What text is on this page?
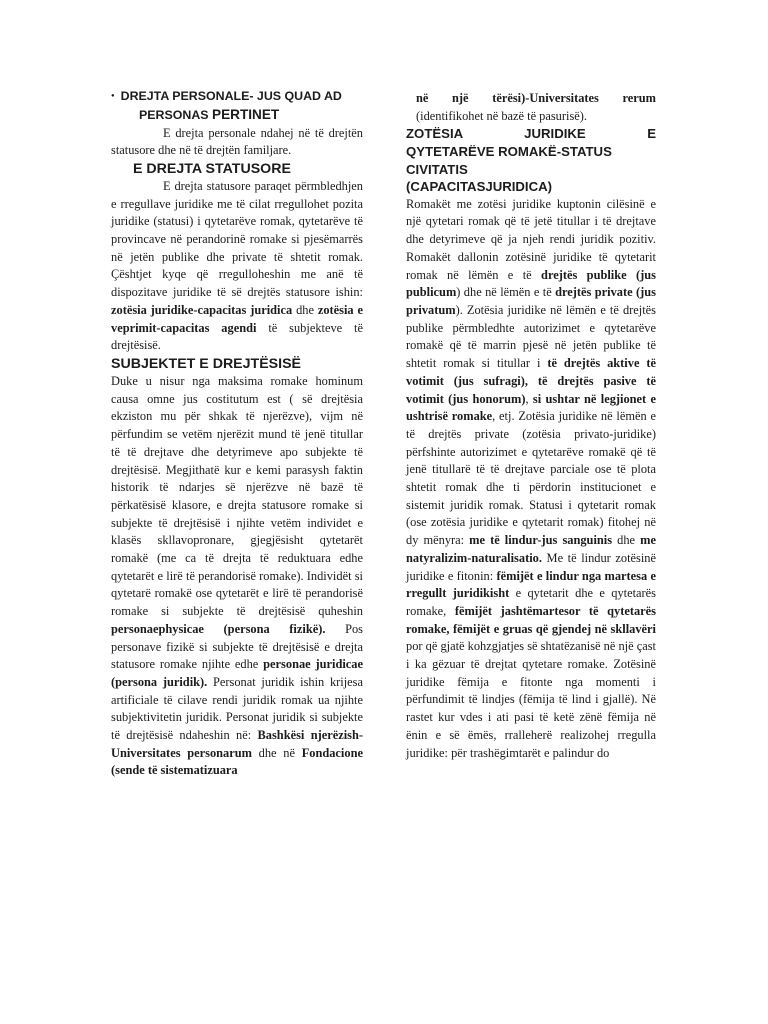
● DREJTA PERSONALE- JUS QUAD AD

PERSONAS PERTINET

E drejta personale ndahej në të drejtën statusore dhe në të drejtën familjare.

E DREJTA STATUSORE

E drejta statusore paraqet përmbledhjen e rregullave juridike me të cilat rregullohet pozita juridike (statusi) i qytetarëve romak, qytetarëve të provincave në perandorinë romake si pjesëmarrës në jetën publike dhe private të shtetit romak. Çështjet kyqe që rregulloheshin me anë të dispozitave juridike të së drejtës statusore ishin: zotësia juridike-capacitas juridica dhe zotësia e veprimit-capacitas agendi të subjekteve të drejtësisë.

SUBJEKTET E DREJTËSISË

Duke u nisur nga maksima romake hominum causa omne jus costitutum est ( së drejtësia ekziston mu për shkak të njerëzve), vijm në përfundim se vetëm njerëzit mund të jenë titullar të të drejtave dhe detyrimeve apo subjekte të drejtësisë. Megjithatë kur e kemi parasysh faktin historik të ndarjes së njerëzve në bazë të përkatësisë klasore, e drejta statusore romake si subjekte të drejtësisë i njihte vetëm individet e klasës skllavopronare, gjegjësisht qytetarët romakë (me ca të drejta të reduktuara edhe qytetarët e lirë të perandorisë romake). Individët si qytetarë romakë ose qytetarët e lirë të perandorisë romake si subjekte të drejtësisë quheshin personaephysicae (persona fizikë). Pos personave fizikë si subjekte të drejtësisë e drejta statusore romake njihte edhe personae juridicae (persona juridik). Personat juridik ishin krijesa artificiale të cilave rendi juridik romak ua njihte subjektivitetin juridik. Personat juridik si subjekte të drejtësisë ndaheshin në: Bashkësi njerëzish-Universitates personarum dhe në Fondacione (sende të sistematizuara

në një tërësi)-Universitates rerum (identifikohet në bazë të pasurisë).

ZOTËSIA JURIDIKE E

QYTETARËVE ROMAKË-STATUS

CIVITATIS

(CAPACITASJURIDICA)

Romakët me zotësi juridike kuptonin cilësinë e një qytetari romak që të jetë titullar i të drejtave dhe detyrimeve që ja njeh rendi juridik pozitiv. Romakët dallonin zotësinë juridike të qytetarit romak në lëmën e të drejtës publike (jus publicum) dhe në lëmën e të drejtës private (jus privatum). Zotësia juridike në lëmën e të drejtës publike përmbledhte autorizimet e qytetarëve romakë që të marrin pjesë në jetën publike të shtetit romak si titullar i të drejtës aktive të votimit (jus sufragi), të drejtës pasive të votimit (jus honorum), si ushtar në legjionet e ushtrisë romake, etj. Zotësia juridike në lëmën e të drejtës private (zotësia privato-juridike) përfshinte autorizimet e qytetarëve romakë që të jenë titullarë të të drejtave parciale ose të plota shtetit romak dhe ti përdorin institucionet e sistemit juridik romak. Statusi i qytetarit romak (ose zotësia juridike e qytetarit romak) fitohej në dy mënyra: me të lindur-jus sanguinis dhe me natyralizim-naturalisatio. Me të lindur zotësinë juridike e fitonin: fëmijët e lindur nga martesa e rregullt juridikisht e qytetarit dhe e qytetarës romake, fëmijët jashtëmartesor të qytetarës romake, fëmijët e gruas që gjendej në skllavëri por që gjatë kohzgjatjes së shtatëzanisë në një çast i ka gëzuar të drejtat qytetare romake. Zotësinë juridike fëmija e fitonte nga momenti i përfundimit të lindjes (fëmija të lind i gjallë). Në rastet kur vdes i ati pasi të ketë zënë fëmija në ënin e së ëmës, rralleherë realizohej rregulla juridike: për trashëgimtarët e palindur do
